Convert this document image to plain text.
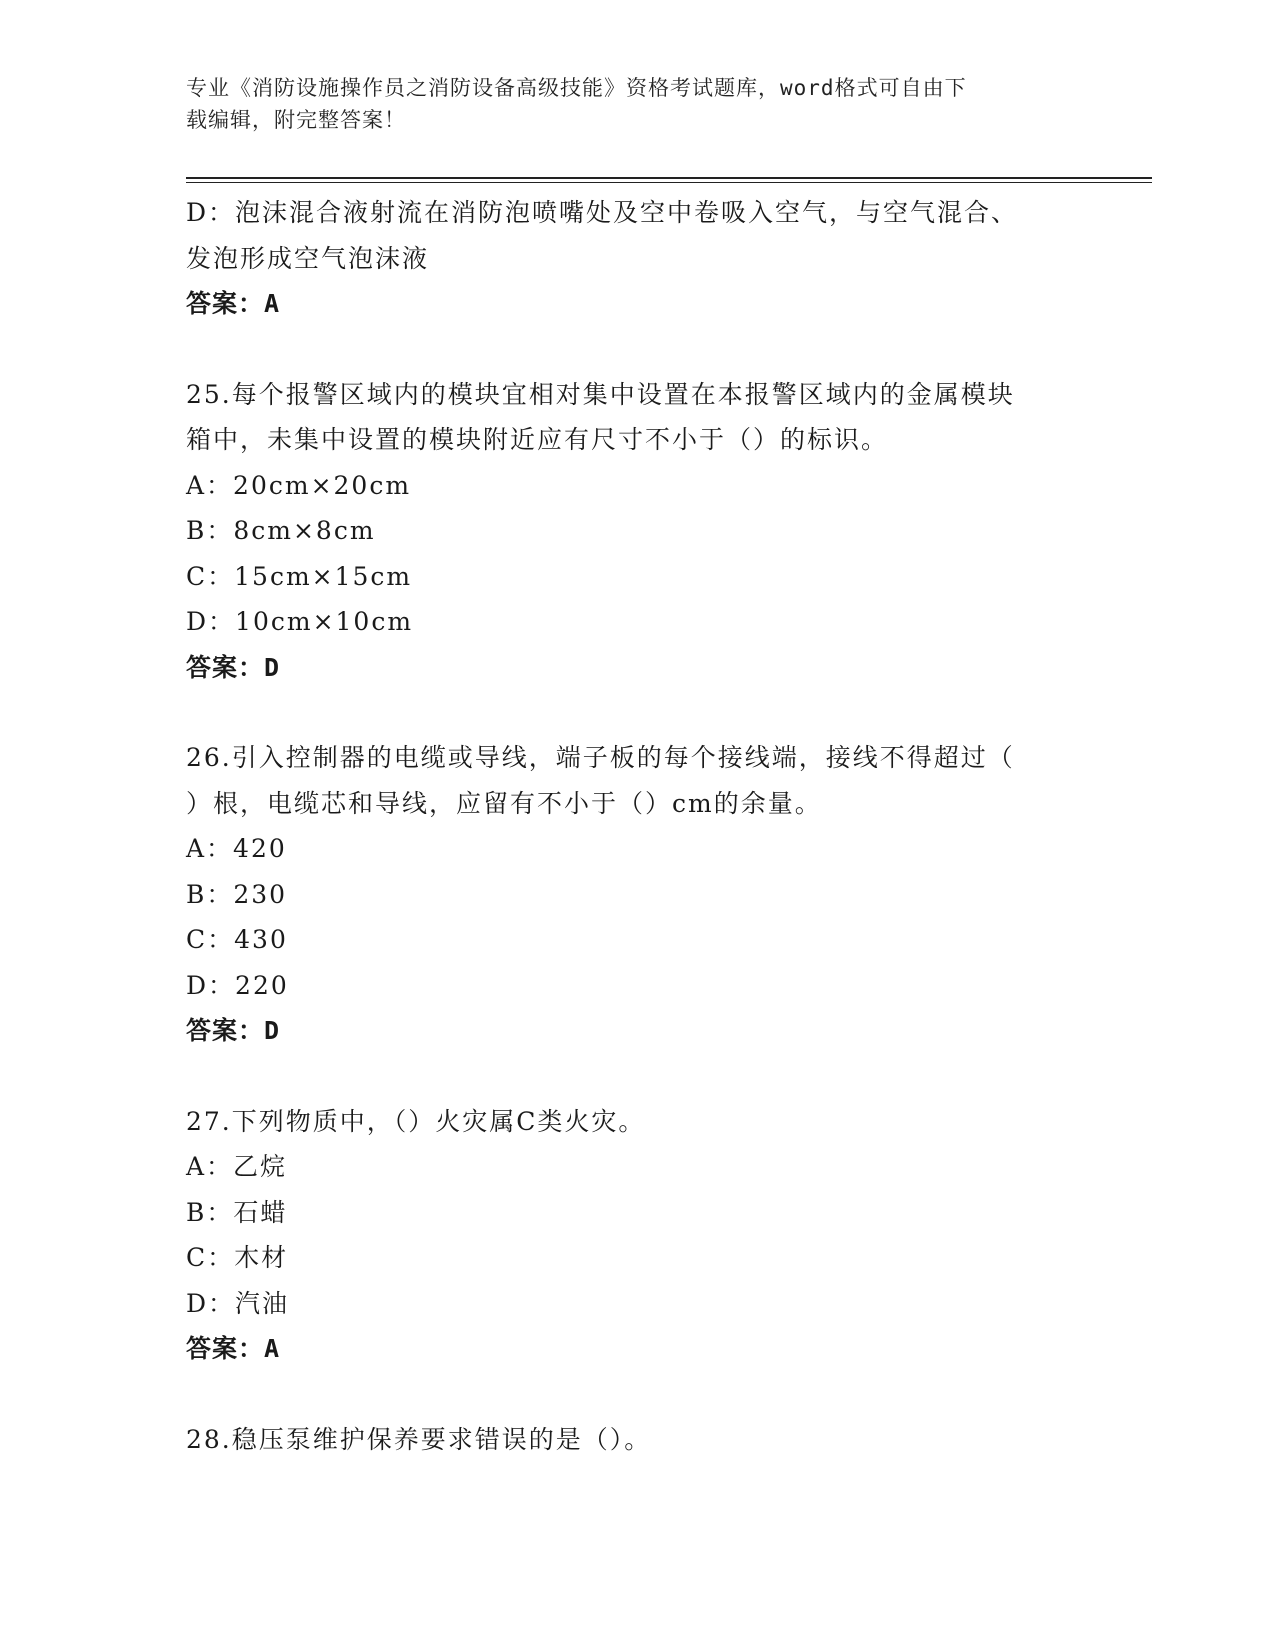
专业《消防设施操作员之消防设备高级技能》资格考试题库，word格式可自由下
载编辑，附完整答案！
D：泡沫混合液射流在消防泡喷嘴处及空中卷吸入空气，与空气混合、
发泡形成空气泡沫液
答案：A
25.每个报警区域内的模块宜相对集中设置在本报警区域内的金属模块
箱中，未集中设置的模块附近应有尺寸不小于（）的标识。
A：20cm×20cm
B：8cm×8cm
C：15cm×15cm
D：10cm×10cm
答案：D
26.引入控制器的电缆或导线，端子板的每个接线端，接线不得超过（
）根，电缆芯和导线，应留有不小于（）cm的余量。
A：420
B：230
C：430
D：220
答案：D
27.下列物质中，（）火灾属C类火灾。
A：乙烷
B：石蜡
C：木材
D：汽油
答案：A
28.稳压泵维护保养要求错误的是（）。
